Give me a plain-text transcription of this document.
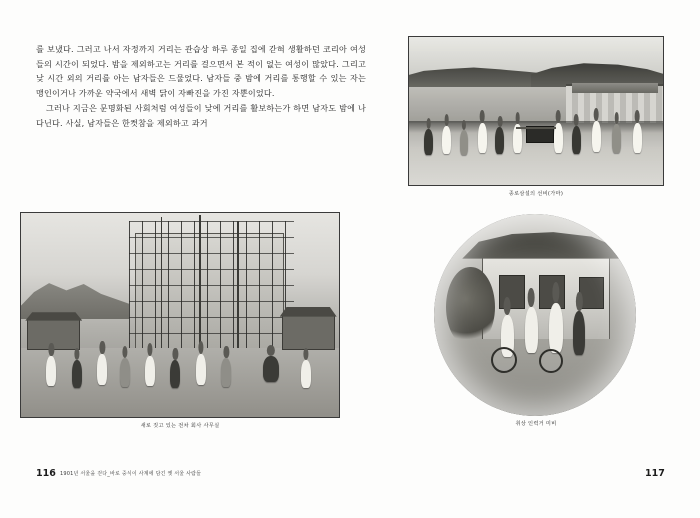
를 보냈다. 그러고 나서 자정까지 거리는 관습상 하루 종일 집에 갇혀 생활하던 코리아 여성들의 시간이 되었다. 밤을 제외하고는 거리를 걸으면서 본 적이 없는 여성이 많았다. 그리고 낮 시간 외의 거리를 아는 남자들은 드물었다. 남자들 중 밤에 거리를 통행할 수 있는 자는 맹인이거나 가까운 약국에서 새벽 닭이 자빠진을 가진 자뿐이었다.

그러나 지금은 문명화된 사회처럼 여성들이 낮에 거리를 활보하는가 하면 남자도 밤에 나다닌다. 사실, 남자들은 한켯참을 제외하고 과거

종로삼설의 선비(가마)
새로 짓고 있는 전차 회사 사무실	취상 인력거 미비
116 1901년 서울을 걷다_바로 중식이 사계에 담긴 옛 서울 사람들	117
